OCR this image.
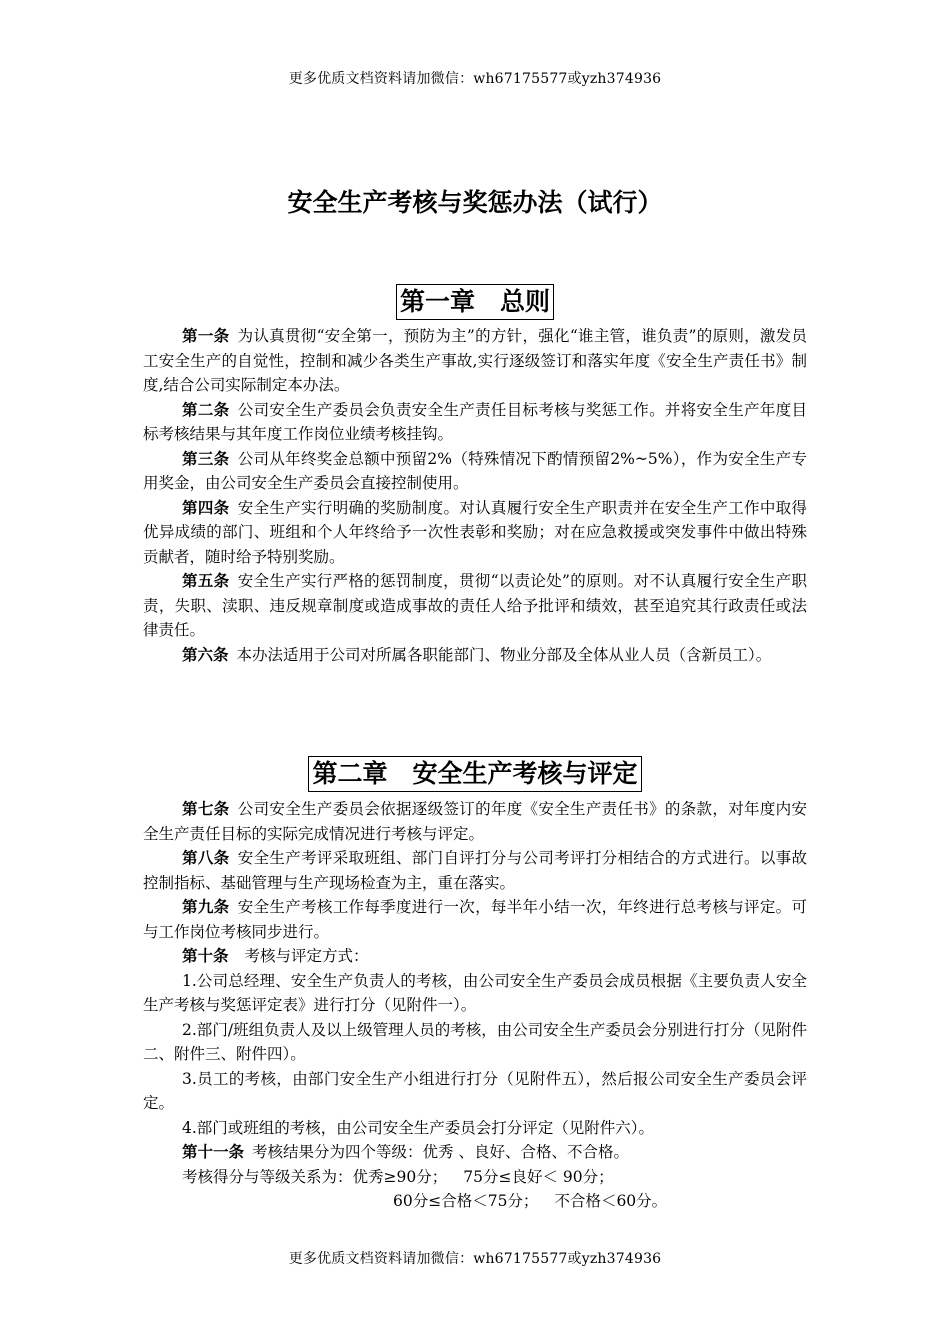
更多优质文档资料请加微信：wh67175577或yzh374936
安全生产考核与奖惩办法（试行）
第一章　总则

第一条 为认真贯彻“安全第一，预防为主”的方针，强化“谁主管，谁负责”的原则，激发员工安全生产的自觉性，控制和减少各类生产事故,实行逐级签订和落实年度《安全生产责任书》制度,结合公司实际制定本办法。

第二条 公司安全生产委员会负责安全生产责任目标考核与奖惩工作。并将安全生产年度目标考核结果与其年度工作岗位业绩考核挂钩。

第三条 公司从年终奖金总额中预留2%（特殊情况下酌情预留2%~5%），作为安全生产专用奖金，由公司安全生产委员会直接控制使用。

第四条 安全生产实行明确的奖励制度。对认真履行安全生产职责并在安全生产工作中取得优异成绩的部门、班组和个人年终给予一次性表彰和奖励；对在应急救援或突发事件中做出特殊贡献者，随时给予特别奖励。

第五条 安全生产实行严格的惩罚制度，贯彻“以责论处”的原则。对不认真履行安全生产职责，失职、渎职、违反规章制度或造成事故的责任人给予批评和绩效，甚至追究其行政责任或法律责任。

第六条 本办法适用于公司对所属各职能部门、物业分部及全体从业人员（含新员工）。

第二章　安全生产考核与评定

第七条 公司安全生产委员会依据逐级签订的年度《安全生产责任书》的条款，对年度内安全生产责任目标的实际完成情况进行考核与评定。

第八条 安全生产考评采取班组、部门自评打分与公司考评打分相结合的方式进行。以事故控制指标、基础管理与生产现场检查为主，重在落实。

第九条 安全生产考核工作每季度进行一次，每半年小结一次，年终进行总考核与评定。可与工作岗位考核同步进行。

第十条 考核与评定方式：

1.公司总经理、安全生产负责人的考核，由公司安全生产委员会成员根据《主要负责人安全生产考核与奖惩评定表》进行打分（见附件一）。

2.部门/班组负责人及以上级管理人员的考核，由公司安全生产委员会分别进行打分（见附件二、附件三、附件四）。

3.员工的考核，由部门安全生产小组进行打分（见附件五），然后报公司安全生产委员会评定。

4.部门或班组的考核，由公司安全生产委员会打分评定（见附件六）。

第十一条 考核结果分为四个等级：优秀 、良好、合格、不合格。

考核得分与等级关系为：优秀≥90分； 75分≤良好＜ 90分；

60分≤合格＜75分； 不合格＜60分。

更多优质文档资料请加微信：wh67175577或yzh374936
